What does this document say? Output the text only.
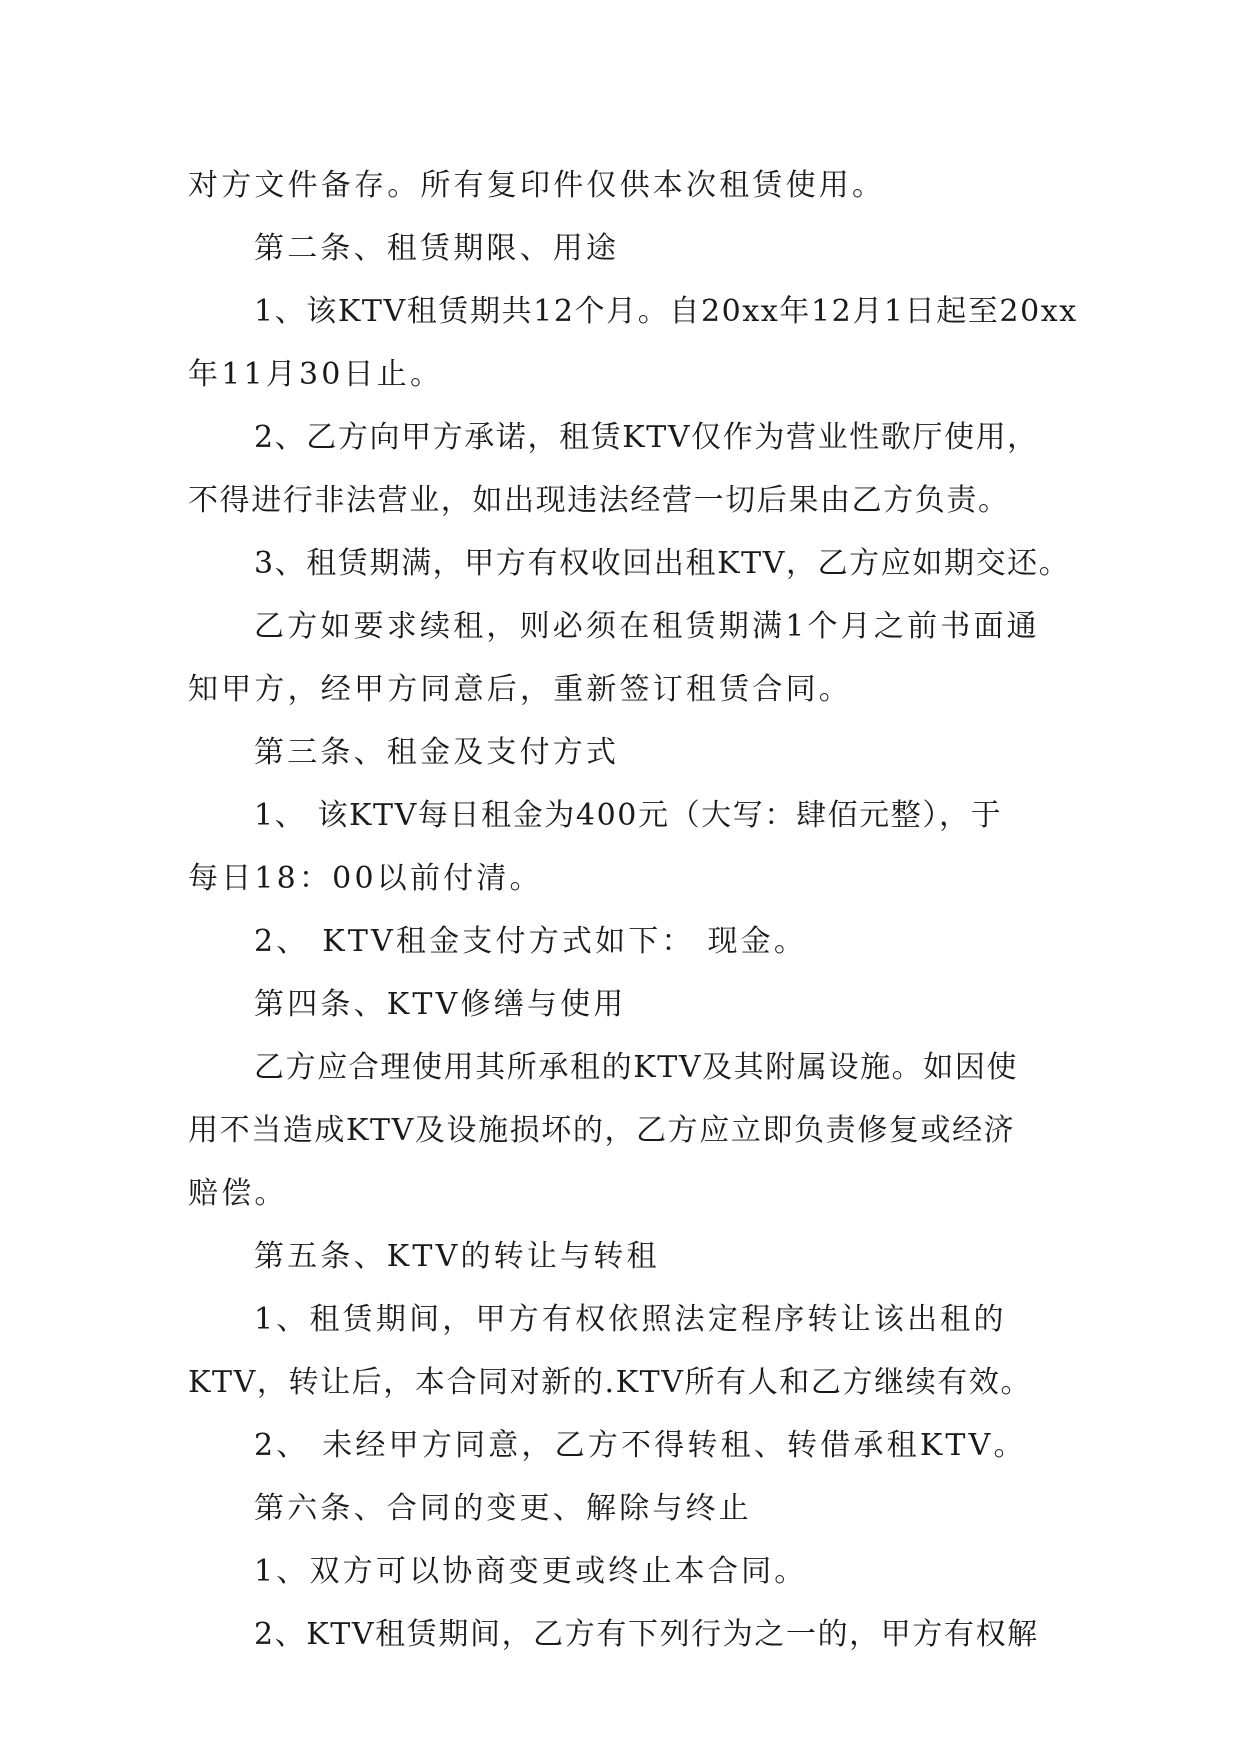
对方文件备存。所有复印件仅供本次租赁使用。
第二条、租赁期限、用途
1、该KTV租赁期共12个月。自20xx年12月1日起至20xx
年11月30日止。
2、乙方向甲方承诺，租赁KTV仅作为营业性歌厅使用，
不得进行非法营业，如出现违法经营一切后果由乙方负责。
3、租赁期满，甲方有权收回出租KTV，乙方应如期交还。
乙方如要求续租，则必须在租赁期满1个月之前书面通
知甲方，经甲方同意后，重新签订租赁合同。
第三条、租金及支付方式
1、 该KTV每日租金为400元（大写：肆佰元整），于
每日18：00以前付清。
2、 KTV租金支付方式如下： 现金。
第四条、KTV修缮与使用
乙方应合理使用其所承租的KTV及其附属设施。如因使
用不当造成KTV及设施损坏的，乙方应立即负责修复或经济
赔偿。
第五条、KTV的转让与转租
1、租赁期间，甲方有权依照法定程序转让该出租的
KTV，转让后，本合同对新的.KTV所有人和乙方继续有效。
2、 未经甲方同意，乙方不得转租、转借承租KTV。
第六条、合同的变更、解除与终止
1、双方可以协商变更或终止本合同。
2、KTV租赁期间，乙方有下列行为之一的，甲方有权解
